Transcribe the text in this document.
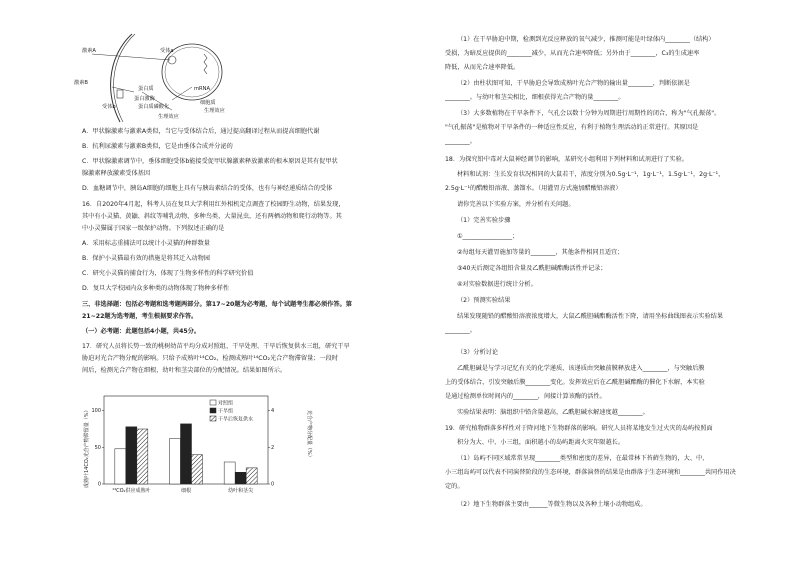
激素A	受体a
激素B
受体b
蛋白质	mRNA
蛋白激酶
蛋白质磷酸化
生理效应
生理效应
细胞质
A．甲状腺激素与激素A类似，当它与受体结合后，通过提高翻译过程从而提高细胞代谢
B．抗利尿激素与激素B类似，它是由垂体合成并分泌的
C．甲状腺激素调节中，垂体细胞受体b能接受促甲状腺激素释放激素的根本原因是其有促甲状
腺激素释放激素受体基因
D．血糖调节中，胰岛A细胞的细胞上具有与胰岛素结合的受体，也有与神经递质结合的受体
16．自2020年4月起，科考人员在复旦大学利用红外相机定点调查了校园野生动物，结果发现，
其中有小灵猫、黄鼬、斜纹等哺乳动物，多种鸟类，大量昆虫，还有两栖动物和爬行动物等。其
中小灵猫属于国家一级保护动物。下列叙述正确的是
A．采用标志重捕法可以统计小灵猫的种群数量
B．保护小灵猫最有效的措施是将其迁入动物园
C．研究小灵猫的捕食行为，体现了生物多样性的科学研究价值
D．复旦大学校园内众多种类的动物体现了物种多样性
三、非选择题：包括必考题和选考题两部分。第17~20题为必考题，每个试题考生都必须作答。第
21~22题为选考题，考生根据要求作答。
（一）必考题：此题包括4小题，共45分。
17．研究人员将长势一致的桃树幼苗平均分成对照组、干旱处理、干旱后恢复供水三组，研究干旱
胁迫对光合产物分配的影响。只给予成熟叶¹⁴CO₂，检测成熟叶¹⁴CO₂光合产物滞留量；一段时
间后，检测光合产物在细根、幼叶和茎尖部位的分配情况。结果如图所示。
成熟叶14CO₂光合产物滞留量（%）	光合产物分配量（%）
0
50
100
0
2
4
¹⁴CO₂供应成熟叶	细根	幼叶和茎尖
对照组
干旱组
干旱后恢复供水
（1）在干旱胁迫中期，检测到光反应释放的氧气减少，推测可能是叶绿体内________（结构）
受损，为暗反应提供的________减少，从而光合速率降低；另外由于________，C₃的生成速率
降低，从而光合速率降低。
（2）由柱状图可知，干旱胁迫会导致成熟叶光合产物的输出量________，判断依据是
________。与幼叶和茎尖相比，细根获得光合产物的量________。
（3）大多数植物在干旱条件下，气孔会以数十分钟为周期进行周期性的闭合，称为"气孔振荡"。
"气孔振荡"是植物对干旱条件的一种适应性反应，有利于植物生理活动的正常进行。其原因是
________。
18．为探究铅中毒对大鼠神经调节的影响，某研究小组利用下列材料和试剂进行了实验。
材料和试剂：生长发育状况相同的大鼠若干，浓度分别为0.5g·L⁻¹，1g·L⁻¹，1.5g·L⁻¹，2g·L⁻¹，
2.5g·L⁻¹的醋酸铅溶液、蒸馏水。（用灌胃方式施加醋酸铅溶液）
请你完善以下实验方案，并分析有关问题。
（1）完善实验步骤
①________________；
②每组每天灌胃施加等量的________，其他条件相同且适宜；
③40天后测定各组铅含量及乙酰胆碱酯酶活性并记录；
④对实验数据进行统计分析。
（2）预测实验结果
结果发现随铅的醋酸铅溶液浓度增大，大鼠乙酰胆碱酯酶活性下降，请用坐标曲线图表示实验结果
________。
（3）分析讨论
乙酰胆碱是与学习记忆有关的化学递质，该递质由突触前膜释放进入________，与突触后膜
上的受体结合，引发突触后膜________变化。发挥效应后在乙酰胆碱酯酶的催化下水解，本实验
是通过检测单位时间内的________，间接计算该酶的活性。
实验结果表明：脑组织中铅含量越高，乙酰胆碱水解速度越________。
19．研究植物群落多样性对于降河地下生物群落的影响。研究人员将某地发生过火灾的岛屿按照面
积分为大、中、小三组，面积越小的岛屿距离火灾年限越长。
（1）岛屿不同区域常常呈现________类型和密度的差异，在最常林下苔藓生物的，大、中、
小三组岛屿可以代表不同演替阶段的生态环境，群落演替的结果是由群落于生态环境和________共同作用决
定的。
（2）地下生物群落主要由______等微生物以及各种土壤小动物组成。
